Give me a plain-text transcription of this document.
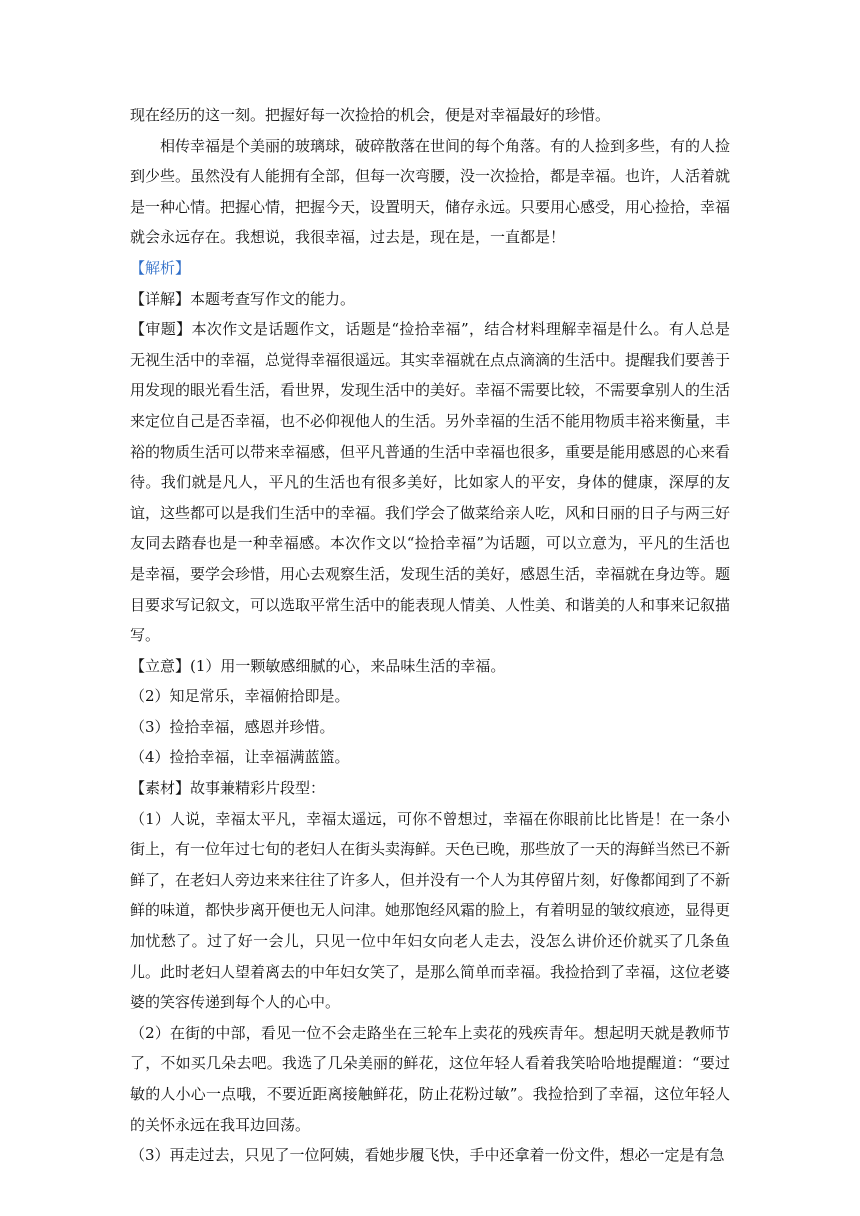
现在经历的这一刻。把握好每一次捡拾的机会，便是对幸福最好的珍惜。

相传幸福是个美丽的玻璃球，破碎散落在世间的每个角落。有的人捡到多些，有的人捡到少些。虽然没有人能拥有全部，但每一次弯腰，没一次捡拾，都是幸福。也许，人活着就是一种心情。把握心情，把握今天，设置明天，储存永远。只要用心感受，用心捡拾，幸福就会永远存在。我想说，我很幸福，过去是，现在是，一直都是！

【解析】

【详解】本题考查写作文的能力。

【审题】本次作文是话题作文，话题是“捡拾幸福”，结合材料理解幸福是什么。有人总是无视生活中的幸福，总觉得幸福很遥远。其实幸福就在点点滴滴的生活中。提醒我们要善于用发现的眼光看生活，看世界，发现生活中的美好。幸福不需要比较，不需要拿别人的生活来定位自己是否幸福，也不必仰视他人的生活。另外幸福的生活不能用物质丰裕来衡量，丰裕的物质生活可以带来幸福感，但平凡普通的生活中幸福也很多，重要是能用感恩的心来看待。我们就是凡人，平凡的生活也有很多美好，比如家人的平安，身体的健康，深厚的友谊，这些都可以是我们生活中的幸福。我们学会了做菜给亲人吃，风和日丽的日子与两三好友同去踏春也是一种幸福感。本次作文以“捡拾幸福”为话题，可以立意为，平凡的生活也是幸福，要学会珍惜，用心去观察生活，发现生活的美好，感恩生活，幸福就在身边等。题目要求写记叙文，可以选取平常生活中的能表现人情美、人性美、和谐美的人和事来记叙描写。

【立意】(1）用一颗敏感细腻的心，来品味生活的幸福。

（2）知足常乐，幸福俯拾即是。

（3）捡拾幸福，感恩并珍惜。

（4）捡拾幸福，让幸福满蓝篮。

【素材】故事兼精彩片段型：

（1）人说，幸福太平凡，幸福太遥远，可你不曾想过，幸福在你眼前比比皆是！在一条小街上，有一位年过七旬的老妇人在街头卖海鲜。天色已晚，那些放了一天的海鲜当然已不新鲜了，在老妇人旁边来来往往了许多人，但并没有一个人为其停留片刻，好像都闻到了不新鲜的味道，都快步离开便也无人问津。她那饱经风霜的脸上，有着明显的皱纹痕迹，显得更加忧愁了。过了好一会儿，只见一位中年妇女向老人走去，没怎么讲价还价就买了几条鱼儿。此时老妇人望着离去的中年妇女笑了，是那么简单而幸福。我捡拾到了幸福，这位老婆婆的笑容传递到每个人的心中。

（2）在街的中部，看见一位不会走路坐在三轮车上卖花的残疾青年。想起明天就是教师节了，不如买几朵去吧。我选了几朵美丽的鲜花，这位年轻人看着我笑哈哈地提醒道：“要过敏的人小心一点哦，不要近距离接触鲜花，防止花粉过敏”。我捡拾到了幸福，这位年轻人的关怀永远在我耳边回荡。

（3）再走过去，只见了一位阿姨，看她步履飞快，手中还拿着一份文件，想必一定是有急
